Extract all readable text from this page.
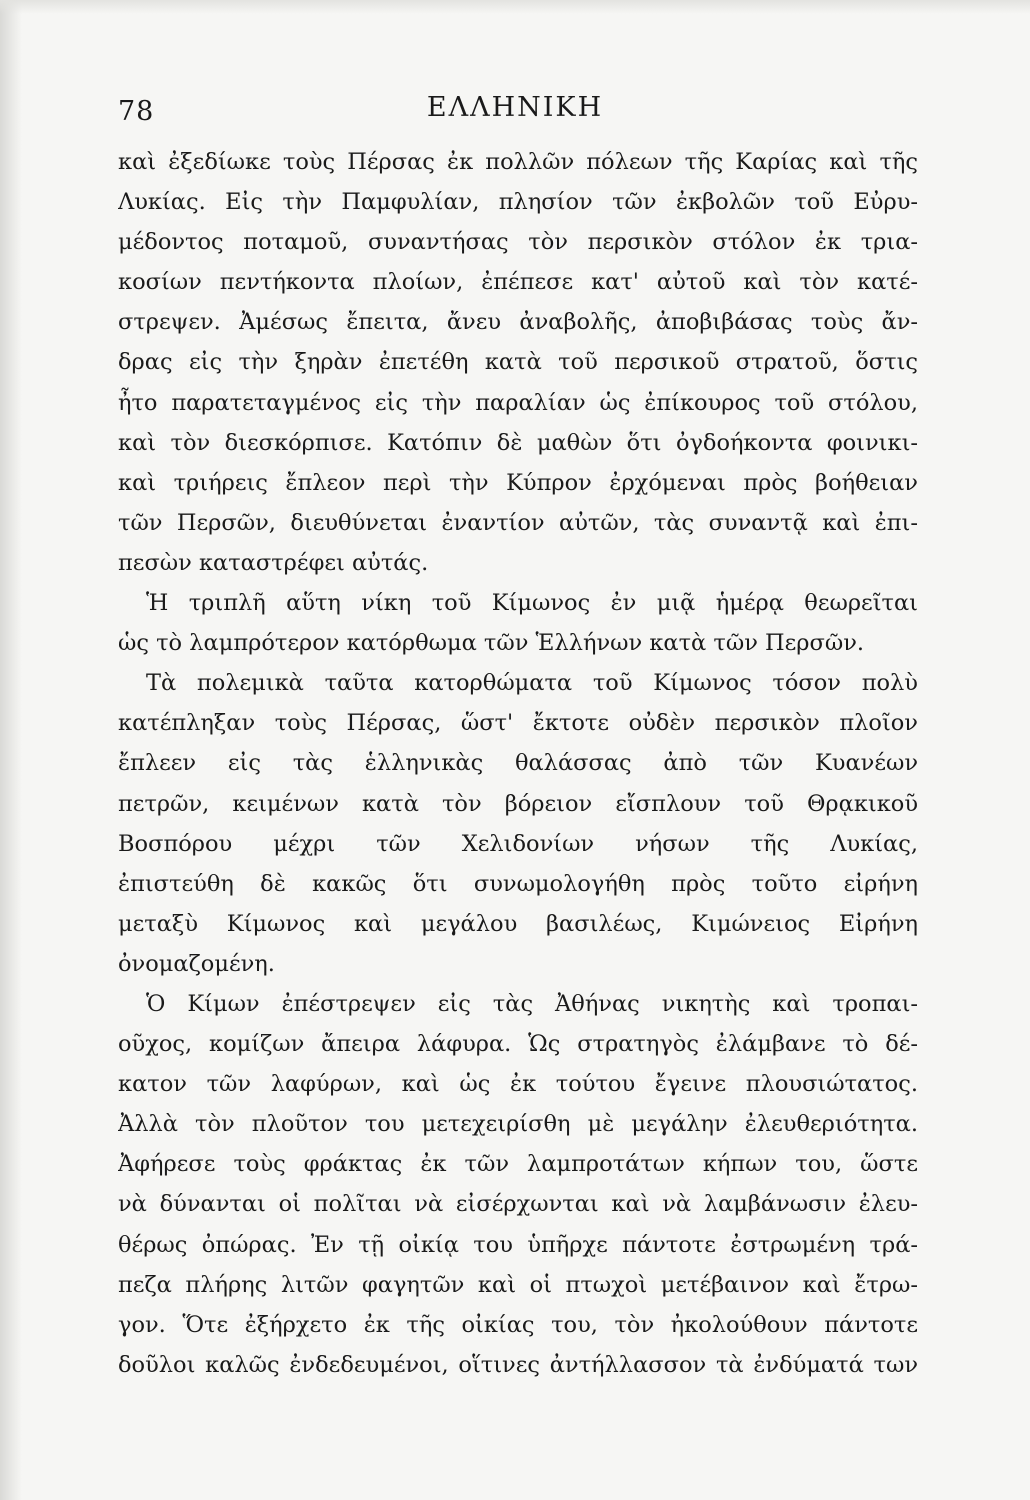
78	ΕΛΛΗΝΙΚΗ
καὶ ἐξεδίωκε τοὺς Πέρσας ἐκ πολλῶν πόλεων τῆς Καρίας καὶ τῆς
Λυκίας. Εἰς τὴν Παμφυλίαν, πλησίον τῶν ἐκβολῶν τοῦ Εὐρυ-
μέδοντος ποταμοῦ, συναντήσας τὸν περσικὸν στόλον ἐκ τρια-
κοσίων πεντήκοντα πλοίων, ἐπέπεσε κατ' αὐτοῦ καὶ τὸν κατέ-
στρεψεν. Ἀμέσως ἔπειτα, ἄνευ ἀναβολῆς, ἀποβιβάσας τοὺς ἄν-
δρας εἰς τὴν ξηρὰν ἐπετέθη κατὰ τοῦ περσικοῦ στρατοῦ, ὅστις
ἦτο παρατεταγμένος εἰς τὴν παραλίαν ὡς ἐπίκουρος τοῦ στόλου,
καὶ τὸν διεσκόρπισε. Κατόπιν δὲ μαθὼν ὅτι ὀγδοήκοντα φοινικι-
καὶ τριήρεις ἔπλεον περὶ τὴν Κύπρον ἐρχόμεναι πρὸς βοήθειαν
τῶν Περσῶν, διευθύνεται ἐναντίον αὐτῶν, τὰς συναντᾷ καὶ ἐπι-
πεσὼν καταστρέφει αὐτάς.
Ἡ τριπλῆ αὕτη νίκη τοῦ Κίμωνος ἐν μιᾷ ἡμέρᾳ θεωρεῖται
ὡς τὸ λαμπρότερον κατόρθωμα τῶν Ἑλλήνων κατὰ τῶν Περσῶν.
Τὰ πολεμικὰ ταῦτα κατορθώματα τοῦ Κίμωνος τόσον πολὺ
κατέπληξαν τοὺς Πέρσας, ὥστ' ἔκτοτε οὐδὲν περσικὸν πλοῖον
ἔπλεεν εἰς τὰς ἑλληνικὰς θαλάσσας ἀπὸ τῶν Κυανέων
πετρῶν, κειμένων κατὰ τὸν βόρειον εἴσπλουν τοῦ Θρᾳκικοῦ
Βοσπόρου μέχρι τῶν Χελιδονίων νήσων τῆς Λυκίας,
ἐπιστεύθη δὲ κακῶς ὅτι συνωμολογήθη πρὸς τοῦτο εἰρήνη
μεταξὺ Κίμωνος καὶ μεγάλου βασιλέως, Κιμώνειος Εἰρήνη
ὀνομαζομένη.
Ὁ Κίμων ἐπέστρεψεν εἰς τὰς Ἀθήνας νικητὴς καὶ τροπαι-
οῦχος, κομίζων ἄπειρα λάφυρα. Ὡς στρατηγὸς ἐλάμβανε τὸ δέ-
κατον τῶν λαφύρων, καὶ ὡς ἐκ τούτου ἔγεινε πλουσιώτατος.
Ἀλλὰ τὸν πλοῦτον του μετεχειρίσθη μὲ μεγάλην ἐλευθεριότητα.
Ἀφήρεσε τοὺς φράκτας ἐκ τῶν λαμπροτάτων κήπων του, ὥστε
νὰ δύνανται οἱ πολῖται νὰ εἰσέρχωνται καὶ νὰ λαμβάνωσιν ἐλευ-
θέρως ὀπώρας. Ἐν τῇ οἰκίᾳ του ὑπῆρχε πάντοτε ἐστρωμένη τρά-
πεζα πλήρης λιτῶν φαγητῶν καὶ οἱ πτωχοὶ μετέβαινον καὶ ἔτρω-
γον. Ὅτε ἐξήρχετο ἐκ τῆς οἰκίας του, τὸν ἠκολούθουν πάντοτε
δοῦλοι καλῶς ἐνδεδευμένοι, οἵτινες ἀντήλλασσον τὰ ἐνδύματά των
